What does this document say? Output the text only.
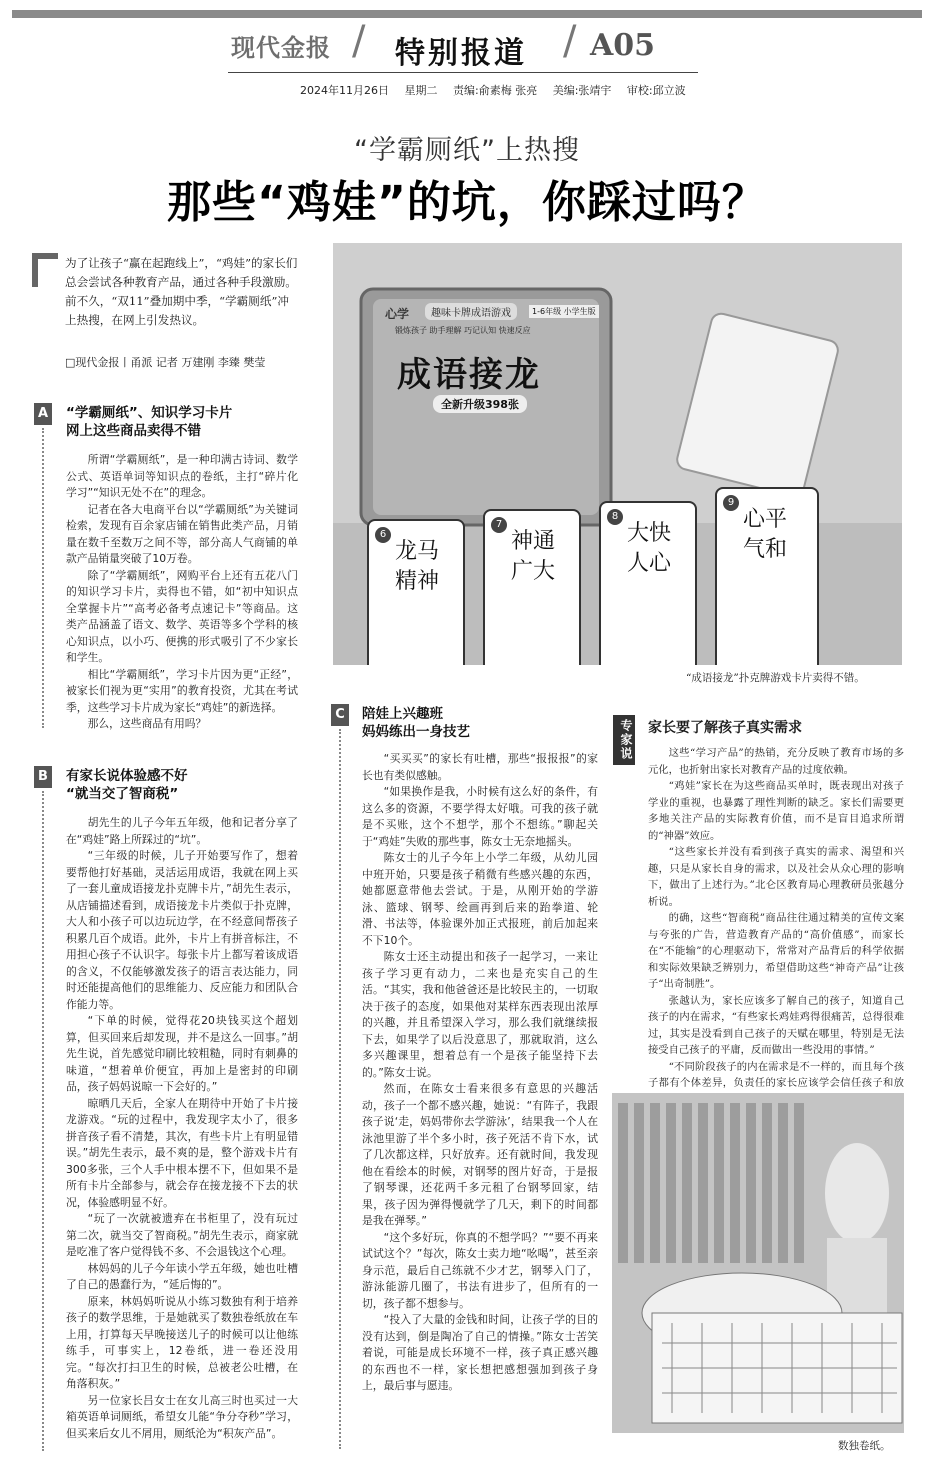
现代金报 / 特别报道 / A05
2024年11月26日 星期二 责编:俞素梅 张亮 美编:张靖宇 审校:邱立波
“学霸厕纸”上热搜
那些“鸡娃”的坑，你踩过吗？
为了让孩子“赢在起跑线上”，“鸡娃”的家长们总会尝试各种教育产品，通过各种手段激励。前不久，“双11”叠加期中季，“学霸厕纸”冲上热搜，在网上引发热议。
□现代金报丨甬派 记者 万建刚 李臻 樊莹
A “学霸厕纸”、知识学习卡片
网上这些商品卖得不错

所谓“学霸厕纸”，是一种印满古诗词、数学公式、英语单词等知识点的卷纸，主打“碎片化学习”“知识无处不在”的理念。

记者在各大电商平台以“学霸厕纸”为关键词检索，发现有百余家店铺在销售此类产品，月销量在数千至数万之间不等，部分高人气商铺的单款产品销量突破了10万卷。

除了“学霸厕纸”，网购平台上还有五花八门的知识学习卡片，卖得也不错，如“初中知识点全掌握卡片”“高考必备考点速记卡”等商品。这类产品涵盖了语文、数学、英语等多个学科的核心知识点，以小巧、便携的形式吸引了不少家长和学生。

相比“学霸厕纸”，学习卡片因为更“正经”，被家长们视为更“实用”的教育投资，尤其在考试季，这些学习卡片成为家长“鸡娃”的新选择。

那么，这些商品有用吗？

B 有家长说体验感不好
“就当交了智商税”

胡先生的儿子今年五年级，他和记者分享了在“鸡娃”路上所踩过的“坑”。

“三年级的时候，儿子开始要写作了，想着要帮他打好基础，灵活运用成语，我就在网上买了一套儿童成语接龙扑克牌卡片，”胡先生表示，从店铺描述看到，成语接龙卡片类似于扑克牌，大人和小孩子可以边玩边学，在不经意间帮孩子积累几百个成语。此外，卡片上有拼音标注，不用担心孩子不认识字。每张卡片上都写着该成语的含义，不仅能够激发孩子的语言表达能力，同时还能提高他们的思维能力、反应能力和团队合作能力等。

“下单的时候，觉得花20块钱买这个超划算，但买回来后却发现，并不是这么一回事。”胡先生说，首先感觉印刷比较粗糙，同时有刺鼻的味道，“想着单价便宜，再加上是密封的印刷品，孩子妈妈说晾一下会好的。”

晾晒几天后，全家人在期待中开始了卡片接龙游戏。“玩的过程中，我发现字太小了，很多拼音孩子看不清楚，其次，有些卡片上有明显错误。”胡先生表示，最不爽的是，整个游戏卡片有300多张，三个人手中根本摆不下，但如果不是所有卡片全部参与，就会存在接龙接不下去的状况，体验感明显不好。

“玩了一次就被遗弃在书柜里了，没有玩过第二次，就当交了智商税。”胡先生表示，商家就是吃准了客户觉得钱不多、不会退钱这个心理。

林妈妈的儿子今年读小学五年级，她也吐槽了自己的愚蠢行为，“延后悔的”。

原来，林妈妈听说从小练习数独有利于培养孩子的数学思维，于是她就买了数独卷纸放在车上用，打算每天早晚接送儿子的时候可以让他练练手，可事实上，12卷纸，进一卷还没用完。“每次打扫卫生的时候，总被老公吐槽，在角落积灰。”

另一位家长吕女士在女儿高三时也买过一大箱英语单词厕纸，希望女儿能“争分夺秒”学习，但买来后女儿不屑用，厕纸沦为“积灰产品”。

心学	趣味卡牌成语游戏	1-6年级 小学生版
锻炼孩子 助手理解 巧记认知 快速反应
成语接龙
全新升级398张
6
龙马精神
7
神通广大
8
大快人心
9
心平气和
“成语接龙”扑克牌游戏卡片卖得不错。
C	陪娃上兴趣班
妈妈练出一身技艺

“买买买”的家长有吐槽，那些“报报报”的家长也有类似感触。

“如果换作是我，小时候有这么好的条件，有这么多的资源，不要学得太好哦。可我的孩子就是不买账，这个不想学，那个不想练。”聊起关于“鸡娃”失败的那些事，陈女士无奈地摇头。

陈女士的儿子今年上小学二年级，从幼儿园中班开始，只要是孩子稍微有些感兴趣的东西，她都愿意带他去尝试。于是，从刚开始的学游泳、篮球、钢琴、绘画再到后来的跆拳道、轮滑、书法等，体验课外加正式报班，前后加起来不下10个。

陈女士还主动提出和孩子一起学习，一来让孩子学习更有动力，二来也是充实自己的生活。“其实，我和他爸爸还是比较民主的，一切取决于孩子的态度，如果他对某样东西表现出浓厚的兴趣，并且希望深入学习，那么我们就继续报下去，如果学了以后没意思了，那就取消，这么多兴趣课里，想着总有一个是孩子能坚持下去的。”陈女士说。

然而，在陈女士看来很多有意思的兴趣活动，孩子一个都不感兴趣，她说：“有阵子，我跟孩子说‘走，妈妈带你去学游泳’，结果我一个人在泳池里游了半个多小时，孩子死活不肯下水，试了几次都这样，只好放弃。还有就时间，我发现他在看绘本的时候，对钢琴的图片好奇，于是报了钢琴课，还花两千多元租了台钢琴回家，结果，孩子因为弹得慢就学了几天，剩下的时间都是我在弹琴。”

“这个多好玩，你真的不想学吗？”“要不再来试试这个？”每次，陈女士卖力地“吆喝”，甚至亲身示范，最后自己练就不少才艺，钢琴入门了，游泳能游几圈了，书法有进步了，但所有的一切，孩子都不想参与。

“投入了大量的金钱和时间，让孩子学的目的没有达到，倒是陶冶了自己的情操。”陈女士苦笑着说，可能是成长环境不一样，孩子真正感兴趣的东西也不一样，家长想把感想强加到孩子身上，最后事与愿违。

专家说 家长要了解孩子真实需求

这些“学习产品”的热销，充分反映了教育市场的多元化，也折射出家长对教育产品的过度依赖。

“鸡娃”家长在为这些商品买单时，既表现出对孩子学业的重视，也暴露了理性判断的缺乏。家长们需要更多地关注产品的实际教育价值，而不是盲目追求所谓的“神器”效应。

“这些家长并没有看到孩子真实的需求、渴望和兴趣，只是从家长自身的需求，以及社会从众心理的影响下，做出了上述行为。”北仑区教育局心理教研员张越分析说。

的确，这些“智商税”商品往往通过精美的宣传文案与夸张的广告，营造教育产品的“高价值感”，而家长在“不能输”的心理驱动下，常常对产品背后的科学依据和实际效果缺乏辨别力，希望借助这些“神奇产品”让孩子“出奇制胜”。

张越认为，家长应该多了解自己的孩子，知道自己孩子的内在需求，“有些家长鸡娃鸡得很痛苦，总得很难过，其实是没看到自己孩子的天赋在哪里，特别是无法接受自己孩子的平庸，反而做出一些没用的事情。”

“不同阶段孩子的内在需求是不一样的，而且每个孩子都有个体差异，负责任的家长应该学会信任孩子和放

数独卷纸。
